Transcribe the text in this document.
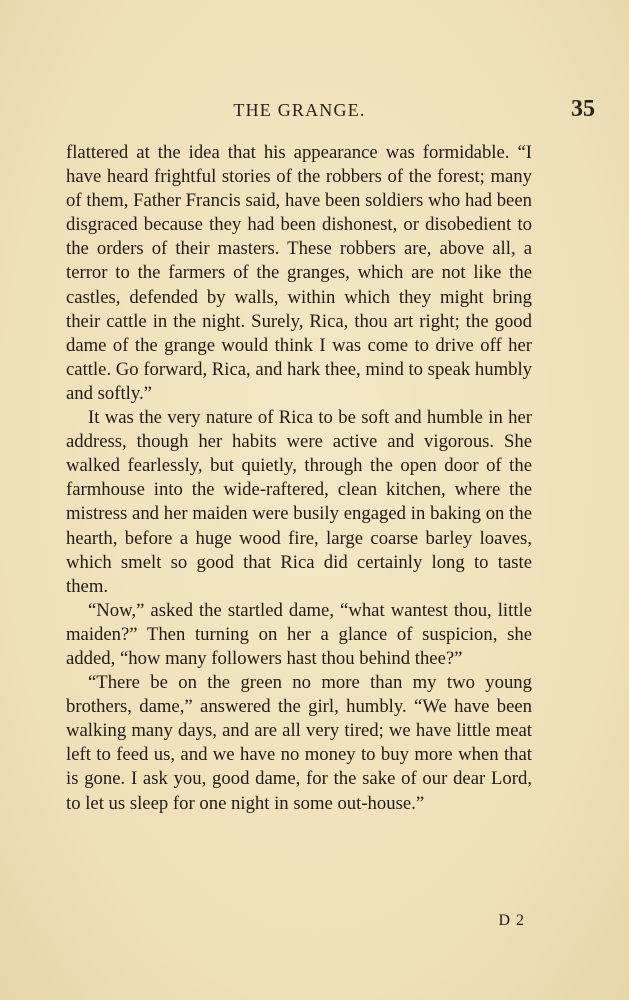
THE GRANGE.	35

flattered at the idea that his appearance was formidable. “I have heard frightful stories of the robbers of the forest; many of them, Father Francis said, have been soldiers who had been disgraced because they had been dishonest, or disobedient to the orders of their masters. These robbers are, above all, a terror to the farmers of the granges, which are not like the castles, defended by walls, within which they might bring their cattle in the night. Surely, Rica, thou art right; the good dame of the grange would think I was come to drive off her cattle. Go forward, Rica, and hark thee, mind to speak humbly and softly.”

It was the very nature of Rica to be soft and humble in her address, though her habits were active and vigorous. She walked fearlessly, but quietly, through the open door of the farmhouse into the wide-raftered, clean kitchen, where the mistress and her maiden were busily engaged in baking on the hearth, before a huge wood fire, large coarse barley loaves, which smelt so good that Rica did certainly long to taste them.

“Now,” asked the startled dame, “what wantest thou, little maiden?” Then turning on her a glance of suspicion, she added, “how many followers hast thou behind thee?”

“There be on the green no more than my two young brothers, dame,” answered the girl, humbly. “We have been walking many days, and are all very tired; we have little meat left to feed us, and we have no money to buy more when that is gone. I ask you, good dame, for the sake of our dear Lord, to let us sleep for one night in some out-house.”

D 2
